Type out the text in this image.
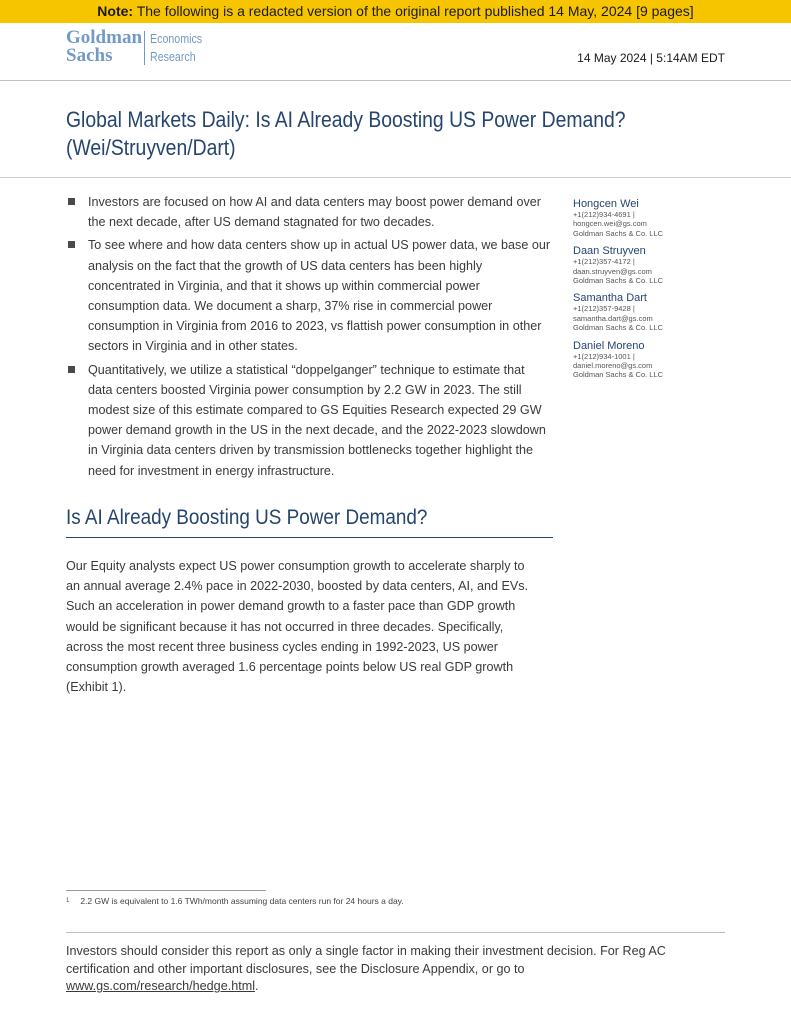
Note: The following is a redacted version of the original report published 14 May, 2024 [9 pages]
Goldman
Sachs
Economics
Research	14 May 2024 | 5:14AM EDT
Global Markets Daily: Is AI Already Boosting US Power Demand?
(Wei/Struyven/Dart)
Investors are focused on how AI and data centers may boost power demand over the next decade, after US demand stagnated for two decades.
To see where and how data centers show up in actual US power data, we base our analysis on the fact that the growth of US data centers has been highly concentrated in Virginia, and that it shows up within commercial power consumption data. We document a sharp, 37% rise in commercial power consumption in Virginia from 2016 to 2023, vs flattish power consumption in other sectors in Virginia and in other states.
Quantitatively, we utilize a statistical “doppelganger” technique to estimate that data centers boosted Virginia power consumption by 2.2 GW in 2023. The still modest size of this estimate compared to GS Equities Research expected 29 GW power demand growth in the US in the next decade, and the 2022-2023 slowdown in Virginia data centers driven by transmission bottlenecks together highlight the need for investment in energy infrastructure.
Hongcen Wei
+1(212)934-4691 |
hongcen.wei@gs.com
Goldman Sachs & Co. LLC
Daan Struyven
+1(212)357-4172 |
daan.struyven@gs.com
Goldman Sachs & Co. LLC
Samantha Dart
+1(212)357-9428 |
samantha.dart@gs.com
Goldman Sachs & Co. LLC
Daniel Moreno
+1(212)934-1001 |
daniel.moreno@gs.com
Goldman Sachs & Co. LLC
Is AI Already Boosting US Power Demand?

Our Equity analysts expect US power consumption growth to accelerate sharply to an annual average 2.4% pace in 2022-2030, boosted by data centers, AI, and EVs. Such an acceleration in power demand growth to a faster pace than GDP growth would be significant because it has not occurred in three decades. Specifically, across the most recent three business cycles ending in 1992-2023, US power consumption growth averaged 1.6 percentage points below US real GDP growth (Exhibit 1).

$^1$ 2.2 GW is equivalent to 1.6 TWh/month assuming data centers run for 24 hours a day.

Investors should consider this report as only a single factor in making their investment decision. For Reg AC certification and other important disclosures, see the Disclosure Appendix, or go to www.gs.com/research/hedge.html.
